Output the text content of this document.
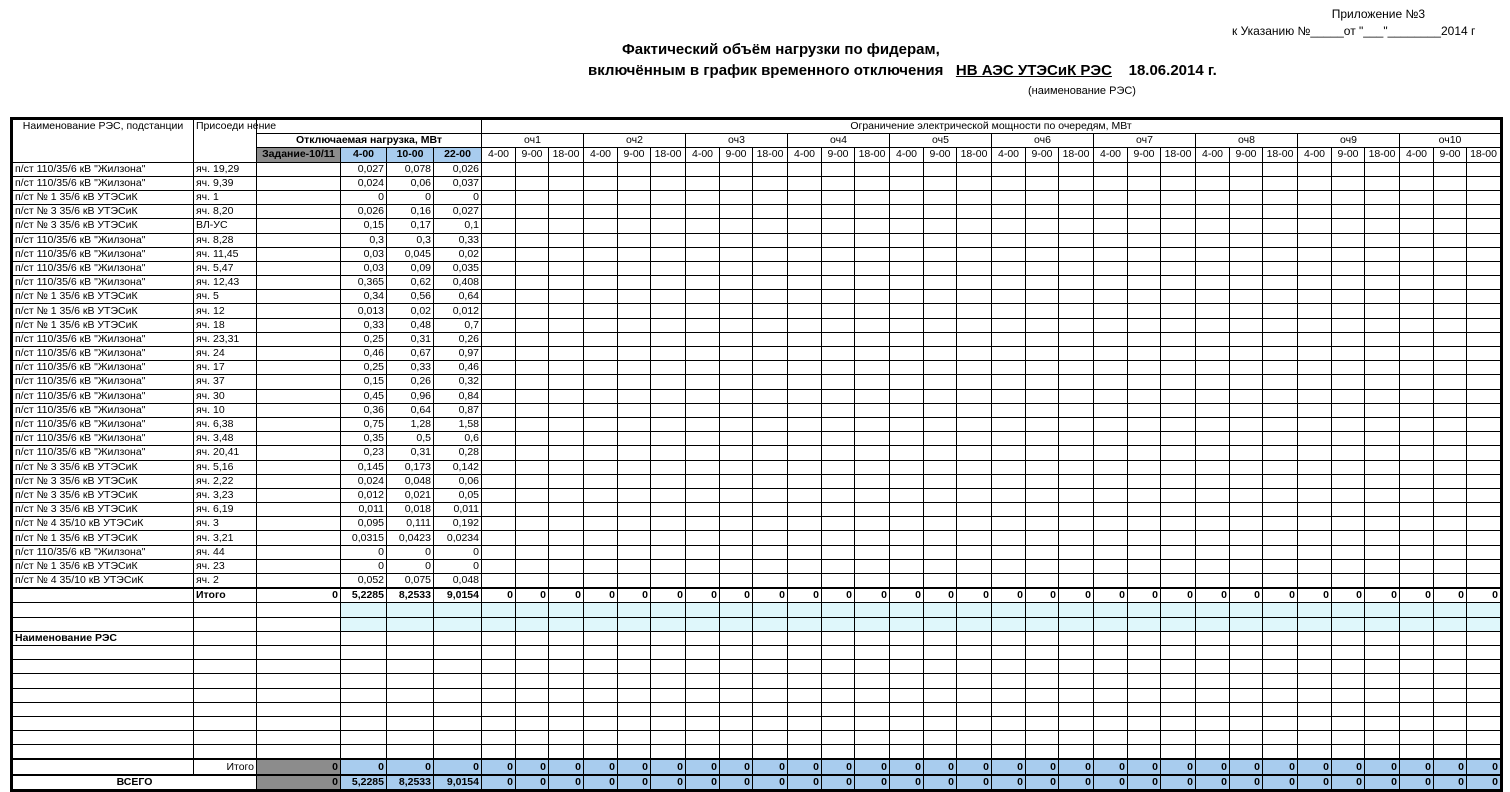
Приложение №3
к Указанию №_____от "___"________2014 г
Фактический объём нагрузки по фидерам,
включённым в график временного отключения НВ АЭС УТЭСиК РЭС 18.06.2014 г.
(наименование РЭС)
Наименование РЭС, подстанции	Присоеди нение					Ограничение электрической мощности по очередям, МВт																													
		Отключаемая нагрузка, МВт				оч1			оч2			оч3			оч4			оч5			оч6			оч7			оч8			оч9			оч10		
		Задание-10/11	4-00	10-00	22-00	4-00	9-00	18-00	4-00	9-00	18-00	4-00	9-00	18-00	4-00	9-00	18-00	4-00	9-00	18-00	4-00	9-00	18-00	4-00	9-00	18-00	4-00	9-00	18-00	4-00	9-00	18-00	4-00	9-00	18-00
п/ст 110/35/6 кВ "Жилзона"	яч. 19,29		0,027	0,078	0,026																														
п/ст 110/35/6 кВ "Жилзона"	яч. 9,39		0,024	0,06	0,037																														
п/ст № 1 35/6 кВ УТЭСиК	яч. 1		0	0	0																														
п/ст № 3 35/6 кВ УТЭСиК	яч. 8,20		0,026	0,16	0,027																														
п/ст № 3 35/6 кВ УТЭСиК	ВЛ-УС		0,15	0,17	0,1																														
п/ст 110/35/6 кВ "Жилзона"	яч. 8,28		0,3	0,3	0,33																														
п/ст 110/35/6 кВ "Жилзона"	яч. 11,45		0,03	0,045	0,02																														
п/ст 110/35/6 кВ "Жилзона"	яч. 5,47		0,03	0,09	0,035																														
п/ст 110/35/6 кВ "Жилзона"	яч. 12,43		0,365	0,62	0,408																														
п/ст № 1 35/6 кВ УТЭСиК	яч. 5		0,34	0,56	0,64																														
п/ст № 1 35/6 кВ УТЭСиК	яч. 12		0,013	0,02	0,012																														
п/ст № 1 35/6 кВ УТЭСиК	яч. 18		0,33	0,48	0,7																														
п/ст 110/35/6 кВ "Жилзона"	яч. 23,31		0,25	0,31	0,26																														
п/ст 110/35/6 кВ "Жилзона"	яч. 24		0,46	0,67	0,97																														
п/ст 110/35/6 кВ "Жилзона"	яч. 17		0,25	0,33	0,46																														
п/ст 110/35/6 кВ "Жилзона"	яч. 37		0,15	0,26	0,32																														
п/ст 110/35/6 кВ "Жилзона"	яч. 30		0,45	0,96	0,84																														
п/ст 110/35/6 кВ "Жилзона"	яч. 10		0,36	0,64	0,87																														
п/ст 110/35/6 кВ "Жилзона"	яч. 6,38		0,75	1,28	1,58																														
п/ст 110/35/6 кВ "Жилзона"	яч. 3,48		0,35	0,5	0,6																														
п/ст 110/35/6 кВ "Жилзона"	яч. 20,41		0,23	0,31	0,28																														
п/ст № 3 35/6 кВ УТЭСиК	яч. 5,16		0,145	0,173	0,142																														
п/ст № 3 35/6 кВ УТЭСиК	яч. 2,22		0,024	0,048	0,06																														
п/ст № 3 35/6 кВ УТЭСиК	яч. 3,23		0,012	0,021	0,05																														
п/ст № 3 35/6 кВ УТЭСиК	яч. 6,19		0,011	0,018	0,011																														
п/ст № 4 35/10 кВ УТЭСиК	яч. 3		0,095	0,111	0,192																														
п/ст № 1 35/6 кВ УТЭСиК	яч. 3,21		0,0315	0,0423	0,0234																														
п/ст 110/35/6 кВ "Жилзона"	яч. 44		0	0	0																														
п/ст № 1 35/6 кВ УТЭСиК	яч. 23		0	0	0																														
п/ст № 4 35/10 кВ УТЭСиК	яч. 2		0,052	0,075	0,048																														
	Итого	0	5,2285	8,2533	9,0154	0	0	0	0	0	0	0	0	0	0	0	0	0	0	0	0	0	0	0	0	0	0	0	0	0	0	0	0	0	0

Наименование РЭС																																			

	Итого	0	0	0	0	0	0	0	0	0	0	0	0	0	0	0	0	0	0	0	0	0	0	0	0	0	0	0	0	0	0	0	0	0	0
ВСЕГО		0	5,2285	8,2533	9,0154	0	0	0	0	0	0	0	0	0	0	0	0	0	0	0	0	0	0	0	0	0	0	0	0	0	0	0	0	0	0
